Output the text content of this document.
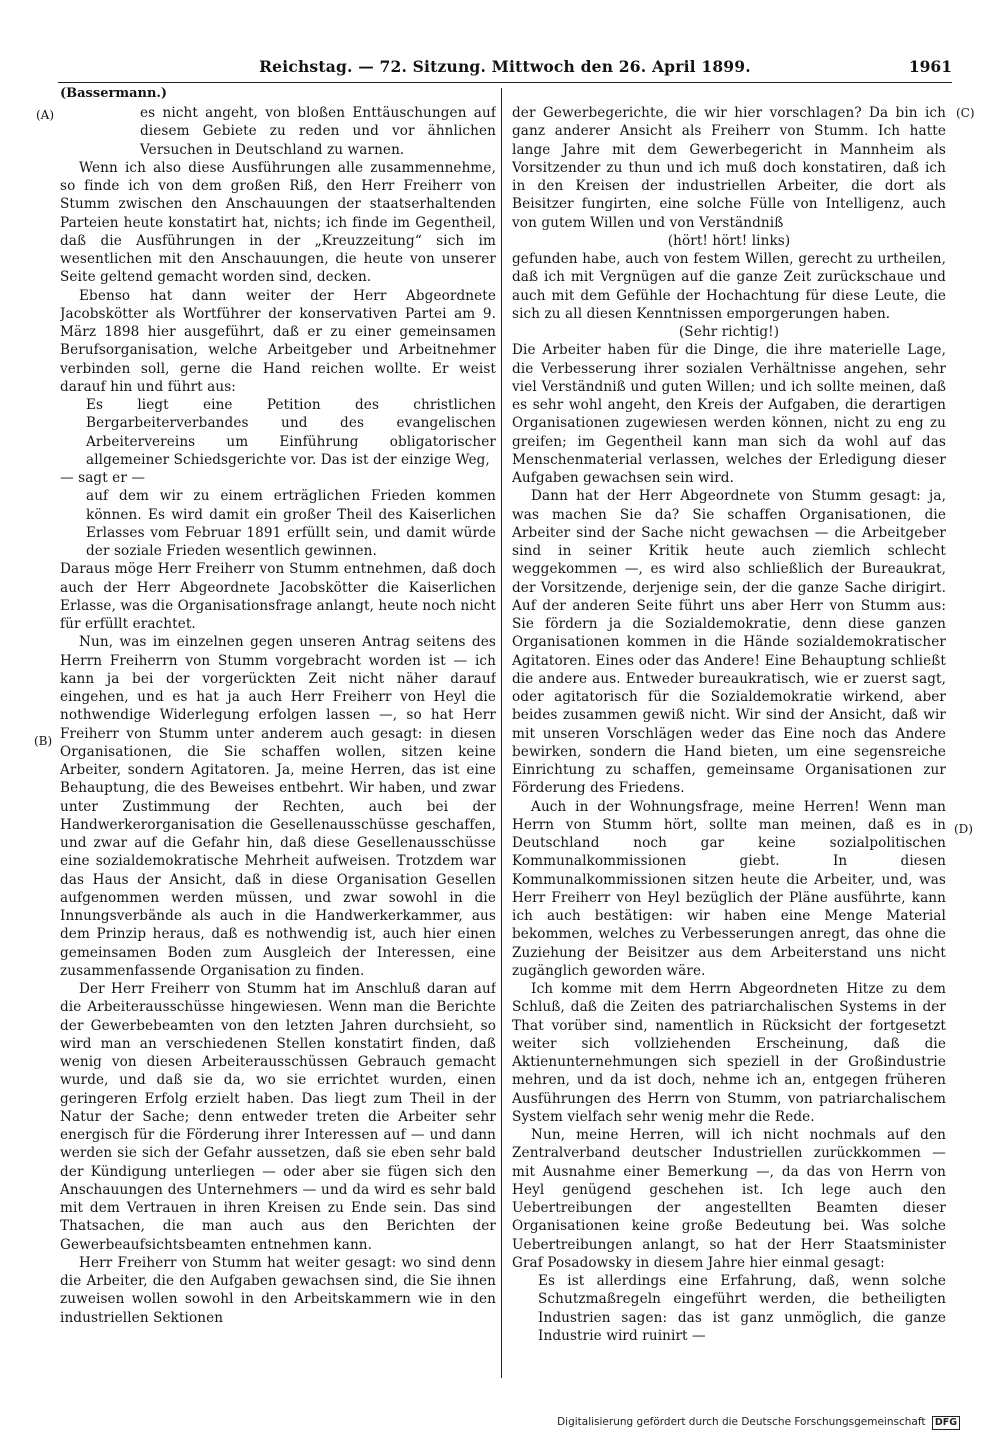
Reichstag. — 72. Sitzung. Mittwoch den 26. April 1899.	1961
(Bassermann.)
(A)
(B)
(C)
(D)

es nicht angeht, von bloßen Enttäuschungen auf diesem Gebiete zu reden und vor ähnlichen Versuchen in Deutschland zu warnen.

Wenn ich also diese Ausführungen alle zusammennehme, so finde ich von dem großen Riß, den Herr Freiherr von Stumm zwischen den Anschauungen der staatserhaltenden Parteien heute konstatirt hat, nichts; ich finde im Gegentheil, daß die Ausführungen in der „Kreuzzeitung“ sich im wesentlichen mit den Anschauungen, die heute von unserer Seite geltend gemacht worden sind, decken.

Ebenso hat dann weiter der Herr Abgeordnete Jacobskötter als Wortführer der konservativen Partei am 9. März 1898 hier ausgeführt, daß er zu einer gemeinsamen Berufsorganisation, welche Arbeitgeber und Arbeitnehmer verbinden soll, gerne die Hand reichen wollte. Er weist darauf hin und führt aus:

Es liegt eine Petition des christlichen Bergarbeiterverbandes und des evangelischen Arbeitervereins um Einführung obligatorischer allgemeiner Schiedsgerichte vor. Das ist der einzige Weg,

— sagt er —

auf dem wir zu einem erträglichen Frieden kommen können. Es wird damit ein großer Theil des Kaiserlichen Erlasses vom Februar 1891 erfüllt sein, und damit würde der soziale Frieden wesentlich gewinnen.

Daraus möge Herr Freiherr von Stumm entnehmen, daß doch auch der Herr Abgeordnete Jacobskötter die Kaiserlichen Erlasse, was die Organisationsfrage anlangt, heute noch nicht für erfüllt erachtet.

Nun, was im einzelnen gegen unseren Antrag seitens des Herrn Freiherrn von Stumm vorgebracht worden ist — ich kann ja bei der vorgerückten Zeit nicht näher darauf eingehen, und es hat ja auch Herr Freiherr von Heyl die nothwendige Widerlegung erfolgen lassen —, so hat Herr Freiherr von Stumm unter anderem auch gesagt: in diesen Organisationen, die Sie schaffen wollen, sitzen keine Arbeiter, sondern Agitatoren. Ja, meine Herren, das ist eine Behauptung, die des Beweises entbehrt. Wir haben, und zwar unter Zustimmung der Rechten, auch bei der Handwerkerorganisation die Gesellenausschüsse geschaffen, und zwar auf die Gefahr hin, daß diese Gesellenausschüsse eine sozialdemokratische Mehrheit aufweisen. Trotzdem war das Haus der Ansicht, daß in diese Organisation Gesellen aufgenommen werden müssen, und zwar sowohl in die Innungsverbände als auch in die Handwerkerkammer, aus dem Prinzip heraus, daß es nothwendig ist, auch hier einen gemeinsamen Boden zum Ausgleich der Interessen, eine zusammenfassende Organisation zu finden.

Der Herr Freiherr von Stumm hat im Anschluß daran auf die Arbeiterausschüsse hingewiesen. Wenn man die Berichte der Gewerbebeamten von den letzten Jahren durchsieht, so wird man an verschiedenen Stellen konstatirt finden, daß wenig von diesen Arbeiterausschüssen Gebrauch gemacht wurde, und daß sie da, wo sie errichtet wurden, einen geringeren Erfolg erzielt haben. Das liegt zum Theil in der Natur der Sache; denn entweder treten die Arbeiter sehr energisch für die Förderung ihrer Interessen auf — und dann werden sie sich der Gefahr aussetzen, daß sie eben sehr bald der Kündigung unterliegen — oder aber sie fügen sich den Anschauungen des Unternehmers — und da wird es sehr bald mit dem Vertrauen in ihren Kreisen zu Ende sein. Das sind Thatsachen, die man auch aus den Berichten der Gewerbeaufsichtsbeamten entnehmen kann.

Herr Freiherr von Stumm hat weiter gesagt: wo sind denn die Arbeiter, die den Aufgaben gewachsen sind, die Sie ihnen zuweisen wollen sowohl in den Arbeitskammern wie in den industriellen Sektionen

der Gewerbegerichte, die wir hier vorschlagen? Da bin ich ganz anderer Ansicht als Freiherr von Stumm. Ich hatte lange Jahre mit dem Gewerbegericht in Mannheim als Vorsitzender zu thun und ich muß doch konstatiren, daß ich in den Kreisen der industriellen Arbeiter, die dort als Beisitzer fungirten, eine solche Fülle von Intelligenz, auch von gutem Willen und von Verständniß

(hört! hört! links)

gefunden habe, auch von festem Willen, gerecht zu urtheilen, daß ich mit Vergnügen auf die ganze Zeit zurückschaue und auch mit dem Gefühle der Hochachtung für diese Leute, die sich zu all diesen Kenntnissen emporgerungen haben.

(Sehr richtig!)

Die Arbeiter haben für die Dinge, die ihre materielle Lage, die Verbesserung ihrer sozialen Verhältnisse angehen, sehr viel Verständniß und guten Willen; und ich sollte meinen, daß es sehr wohl angeht, den Kreis der Aufgaben, die derartigen Organisationen zugewiesen werden können, nicht zu eng zu greifen; im Gegentheil kann man sich da wohl auf das Menschenmaterial verlassen, welches der Erledigung dieser Aufgaben gewachsen sein wird.

Dann hat der Herr Abgeordnete von Stumm gesagt: ja, was machen Sie da? Sie schaffen Organisationen, die Arbeiter sind der Sache nicht gewachsen — die Arbeitgeber sind in seiner Kritik heute auch ziemlich schlecht weggekommen —, es wird also schließlich der Bureaukrat, der Vorsitzende, derjenige sein, der die ganze Sache dirigirt. Auf der anderen Seite führt uns aber Herr von Stumm aus: Sie fördern ja die Sozialdemokratie, denn diese ganzen Organisationen kommen in die Hände sozialdemokratischer Agitatoren. Eines oder das Andere! Eine Behauptung schließt die andere aus. Entweder bureaukratisch, wie er zuerst sagt, oder agitatorisch für die Sozialdemokratie wirkend, aber beides zusammen gewiß nicht. Wir sind der Ansicht, daß wir mit unseren Vorschlägen weder das Eine noch das Andere bewirken, sondern die Hand bieten, um eine segensreiche Einrichtung zu schaffen, gemeinsame Organisationen zur Förderung des Friedens.

Auch in der Wohnungsfrage, meine Herren! Wenn man Herrn von Stumm hört, sollte man meinen, daß es in Deutschland noch gar keine sozialpolitischen Kommunalkommissionen giebt. In diesen Kommunalkommissionen sitzen heute die Arbeiter, und, was Herr Freiherr von Heyl bezüglich der Pläne ausführte, kann ich auch bestätigen: wir haben eine Menge Material bekommen, welches zu Verbesserungen anregt, das ohne die Zuziehung der Beisitzer aus dem Arbeiterstand uns nicht zugänglich geworden wäre.

Ich komme mit dem Herrn Abgeordneten Hitze zu dem Schluß, daß die Zeiten des patriarchalischen Systems in der That vorüber sind, namentlich in Rücksicht der fortgesetzt weiter sich vollziehenden Erscheinung, daß die Aktienunternehmungen sich speziell in der Großindustrie mehren, und da ist doch, nehme ich an, entgegen früheren Ausführungen des Herrn von Stumm, von patriarchalischem System vielfach sehr wenig mehr die Rede.

Nun, meine Herren, will ich nicht nochmals auf den Zentralverband deutscher Industriellen zurückkommen — mit Ausnahme einer Bemerkung —, da das von Herrn von Heyl genügend geschehen ist. Ich lege auch den Uebertreibungen der angestellten Beamten dieser Organisationen keine große Bedeutung bei. Was solche Uebertreibungen anlangt, so hat der Herr Staatsminister Graf Posadowsky in diesem Jahre hier einmal gesagt:

Es ist allerdings eine Erfahrung, daß, wenn solche Schutzmaßregeln eingeführt werden, die betheiligten Industrien sagen: das ist ganz unmöglich, die ganze Industrie wird ruinirt —

Digitalisierung gefördert durch die Deutsche Forschungsgemeinschaft DFG
